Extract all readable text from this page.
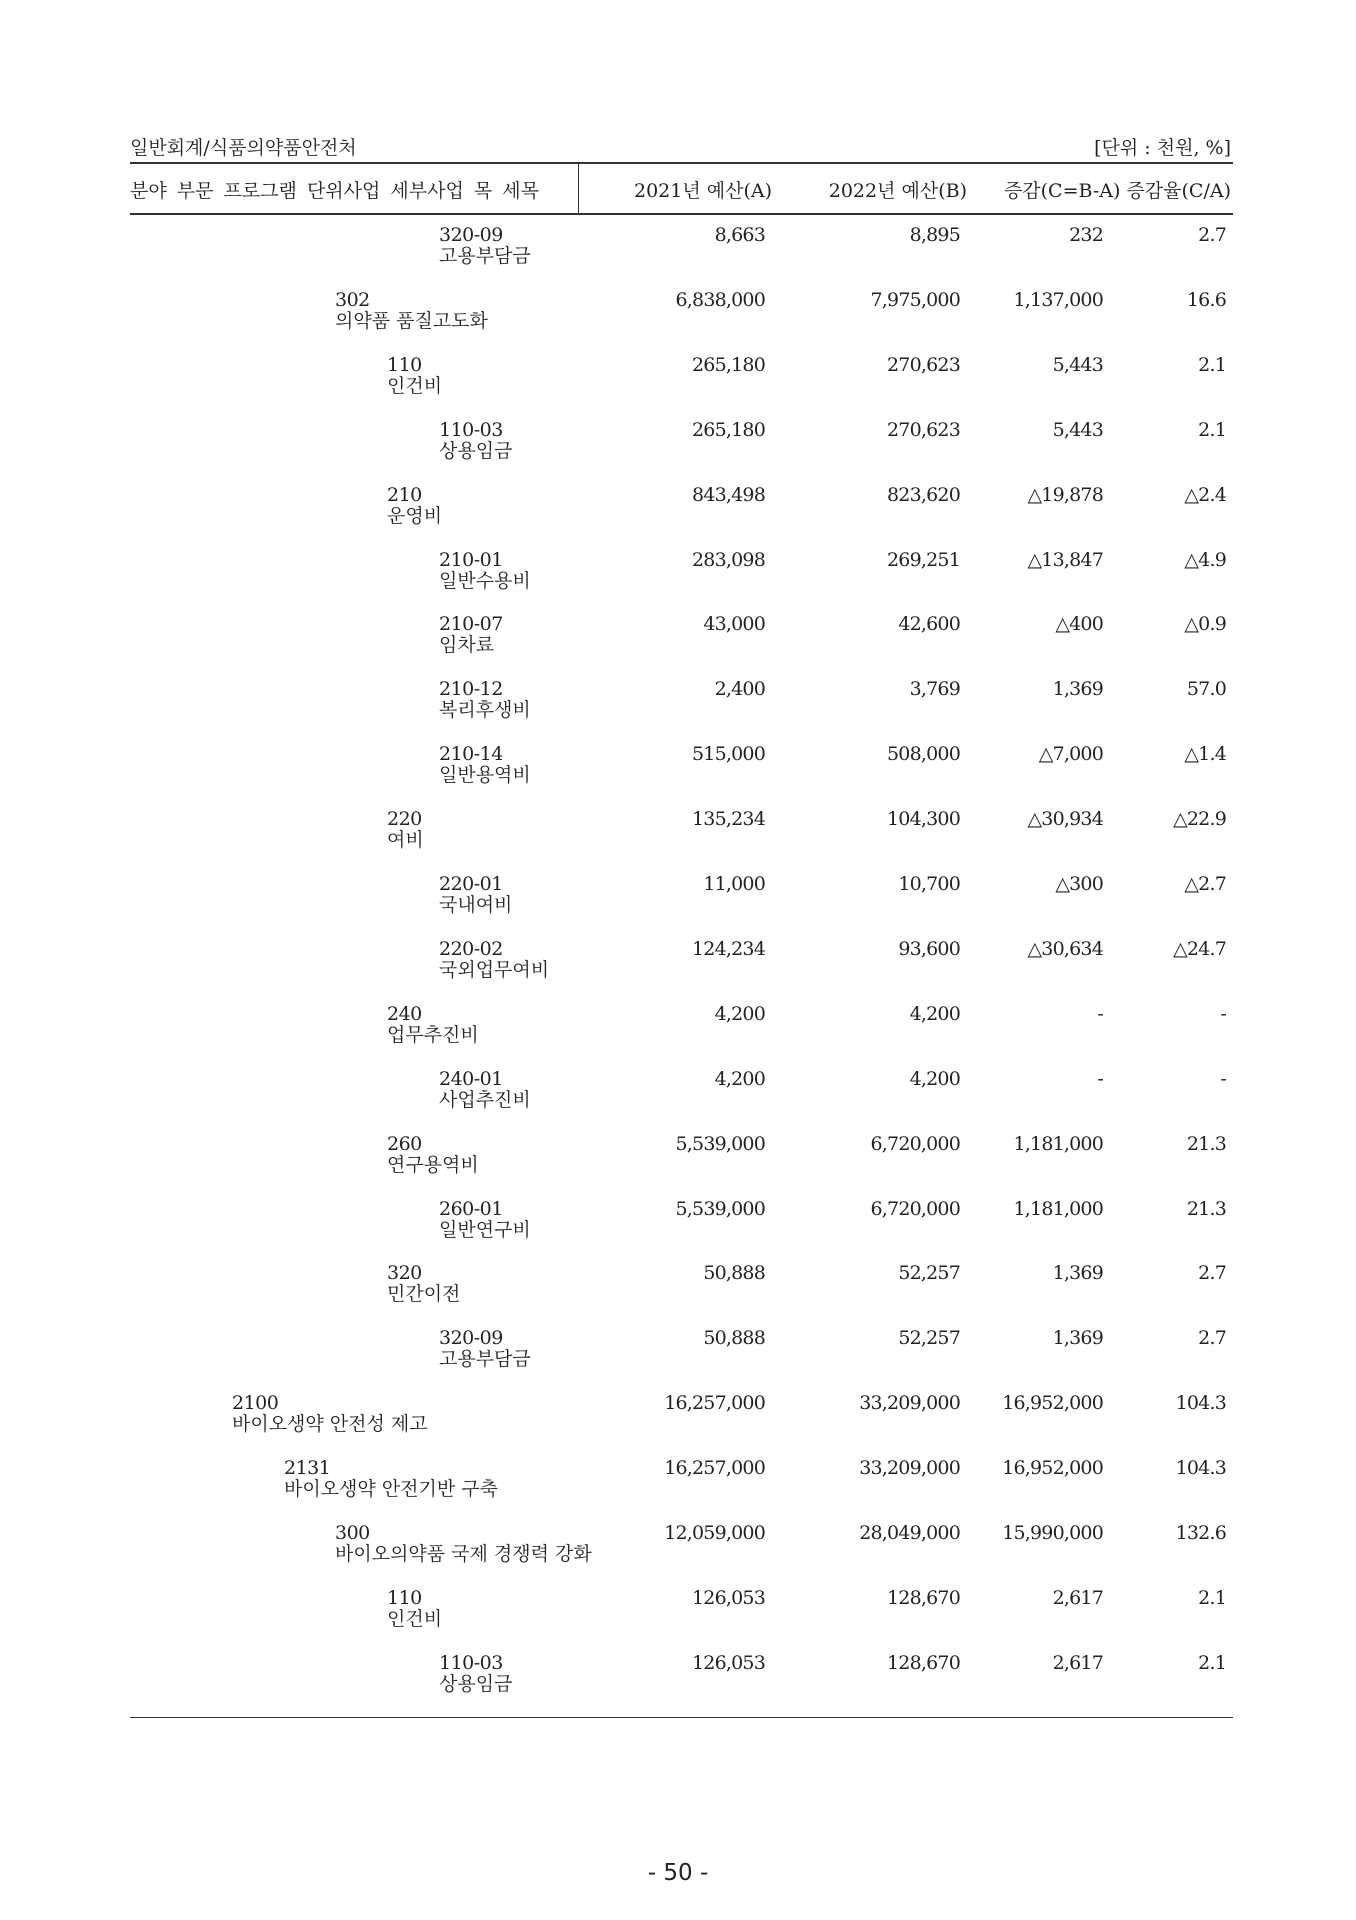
일반회계/식품의약품안전처	[단위 : 천원, %]
분야 부문 프로그램 단위사업 세부사업 목 세목	2021년 예산(A)	2022년 예산(B) 증감(C=B-A) 증감율(C/A)
320-09
고용부담금
8,663	8,895	232	2.7
302
의약품 품질고도화
6,838,000	7,975,000	1,137,000	16.6
110
인건비
265,180	270,623	5,443	2.1
110-03
상용임금
265,180	270,623	5,443	2.1
210
운영비
843,498	823,620	△19,878	△2.4
210-01
일반수용비
283,098	269,251	△13,847	△4.9
210-07
임차료
43,000	42,600	△400	△0.9
210-12
복리후생비
2,400	3,769	1,369	57.0
210-14
일반용역비
515,000	508,000	△7,000	△1.4
220
여비
135,234	104,300	△30,934	△22.9
220-01
국내여비
11,000	10,700	△300	△2.7
220-02
국외업무여비
124,234	93,600	△30,634	△24.7
240
업무추진비
4,200	4,200	-	-
240-01
사업추진비
4,200	4,200	-	-
260
연구용역비
5,539,000	6,720,000	1,181,000	21.3
260-01
일반연구비
5,539,000	6,720,000	1,181,000	21.3
320
민간이전
50,888	52,257	1,369	2.7
320-09
고용부담금
50,888	52,257	1,369	2.7
2100
바이오생약 안전성 제고
16,257,000	33,209,000 16,952,000	104.3
2131
바이오생약 안전기반 구축
16,257,000	33,209,000 16,952,000	104.3
300
바이오의약품 국제 경쟁력 강화
12,059,000	28,049,000 15,990,000	132.6
110
인건비
126,053	128,670	2,617	2.1
110-03
상용임금
126,053	128,670	2,617	2.1
- 50 -
